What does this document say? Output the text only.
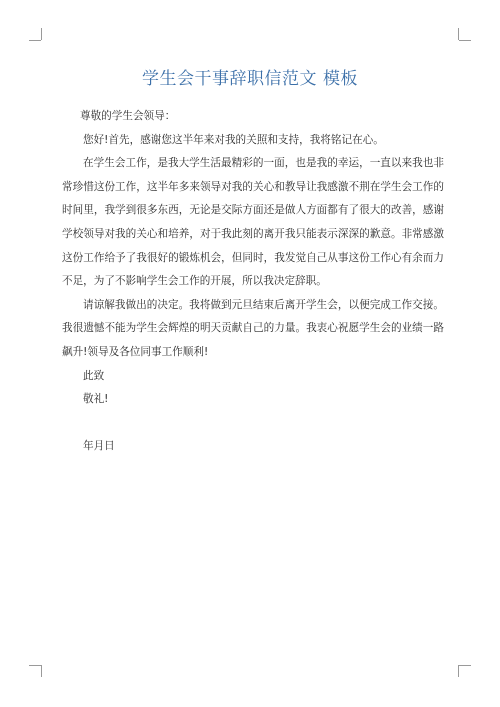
学生会干事辞职信范文 模板

尊敬的学生会领导：

您好!首先，感谢您这半年来对我的关照和支持，我将铭记在心。

在学生会工作，是我大学生活最精彩的一面，也是我的幸运，一直以来我也非常珍惜这份工作，这半年多来领导对我的关心和教导让我感激不荆在学生会工作的时间里，我学到很多东西，无论是交际方面还是做人方面都有了很大的改善，感谢学校领导对我的关心和培养，对于我此刻的离开我只能表示深深的歉意。非常感激这份工作给予了我很好的锻炼机会，但同时，我发觉自己从事这份工作心有余而力不足，为了不影响学生会工作的开展，所以我决定辞职。

请谅解我做出的决定。我将做到元旦结束后离开学生会，以便完成工作交接。我很遗憾不能为学生会辉煌的明天贡献自己的力量。我衷心祝愿学生会的业绩一路飙升!领导及各位同事工作顺利!

此致

敬礼!

年月日
